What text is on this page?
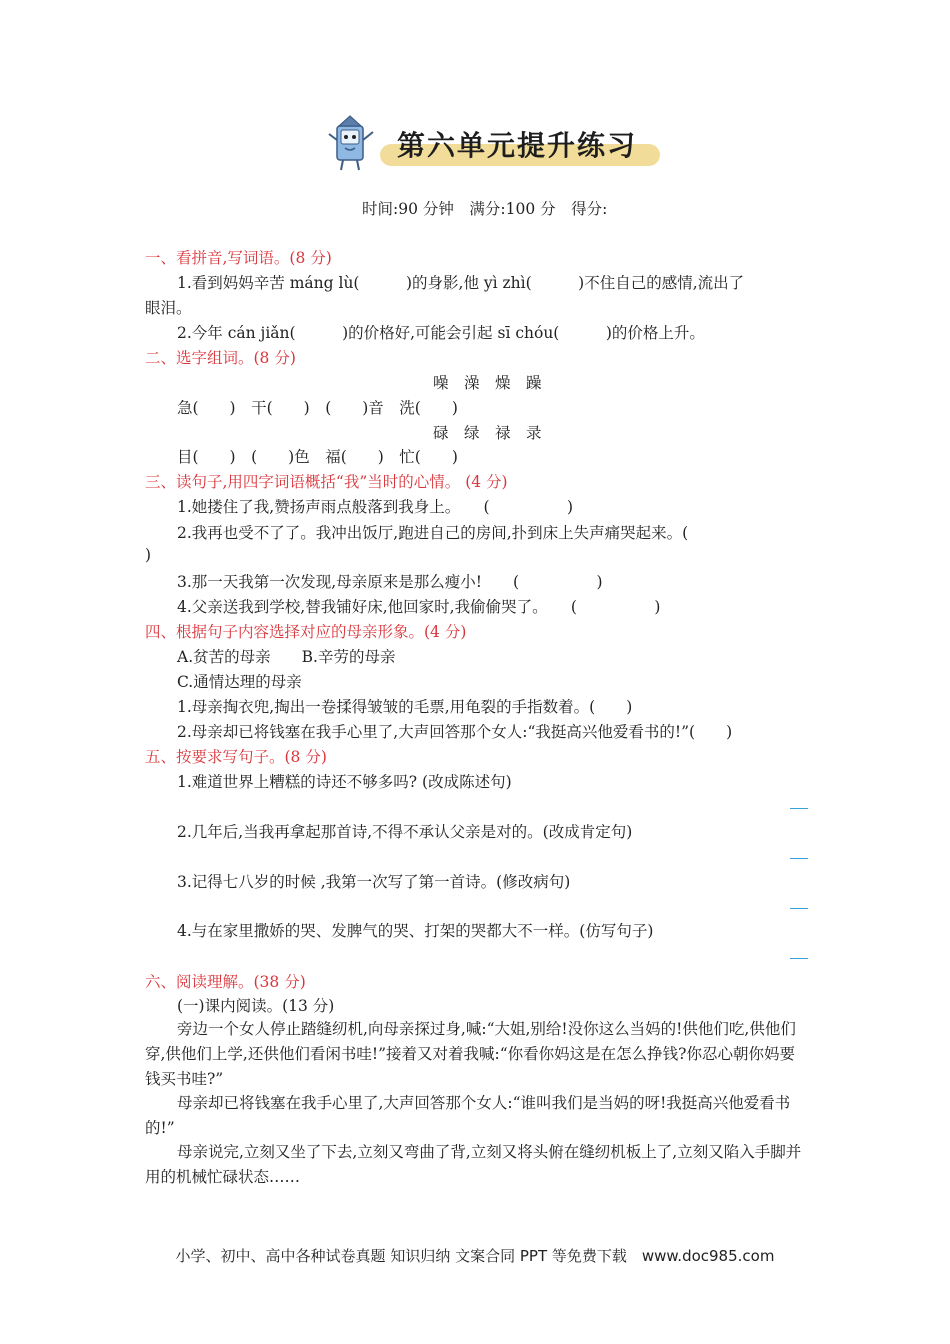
第六单元提升练习
时间:90 分钟　满分:100 分　得分:
一、看拼音,写词语。(8 分)
1.看到妈妈辛苦 máng lù(　　　)的身影,他 yì zhì(　　　)不住自己的感情,流出了
眼泪。
2.今年 cán jiǎn(　　　)的价格好,可能会引起 sī chóu(　　　)的价格上升。
二、选字组词。(8 分)
噪　澡　燥　躁
急(　　)　干(　　)　(　　)音　洗(　　)
碌　绿　禄　录
目(　　)　(　　)色　福(　　)　忙(　　)
三、读句子,用四字词语概括“我”当时的心情。 (4 分)
1.她搂住了我,赞扬声雨点般落到我身上。　　(　　　　　)
2.我再也受不了了。我冲出饭厅,跑进自己的房间,扑到床上失声痛哭起来。(
)
3.那一天我第一次发现,母亲原来是那么瘦小!　　(　　　　　)
4.父亲送我到学校,替我铺好床,他回家时,我偷偷哭了。　　(　　　　　)
四、根据句子内容选择对应的母亲形象。(4 分)
A.贫苦的母亲　　B.辛劳的母亲
C.通情达理的母亲
1.母亲掏衣兜,掏出一卷揉得皱皱的毛票,用龟裂的手指数着。(　　)
2.母亲却已将钱塞在我手心里了,大声回答那个女人:“我挺高兴他爱看书的!”(　　)
五、按要求写句子。(8 分)
1.难道世界上糟糕的诗还不够多吗? (改成陈述句)
2.几年后,当我再拿起那首诗,不得不承认父亲是对的。(改成肯定句)
3.记得七八岁的时候 ,我第一次写了第一首诗。(修改病句)
4.与在家里撒娇的哭、发脾气的哭、打架的哭都大不一样。(仿写句子)
六、阅读理解。(38 分)
(一)课内阅读。(13 分)
旁边一个女人停止踏缝纫机,向母亲探过身,喊:“大姐,别给!没你这么当妈的!供他们吃,供他们穿,供他们上学,还供他们看闲书哇!”接着又对着我喊:“你看你妈这是在怎么挣钱?你忍心朝你妈要钱买书哇?”
母亲却已将钱塞在我手心里了,大声回答那个女人:“谁叫我们是当妈的呀!我挺高兴他爱看书的!”
母亲说完,立刻又坐了下去,立刻又弯曲了背,立刻又将头俯在缝纫机板上了,立刻又陷入手脚并用的机械忙碌状态……
小学、初中、高中各种试卷真题 知识归纳 文案合同 PPT 等免费下载　www.doc985.com
